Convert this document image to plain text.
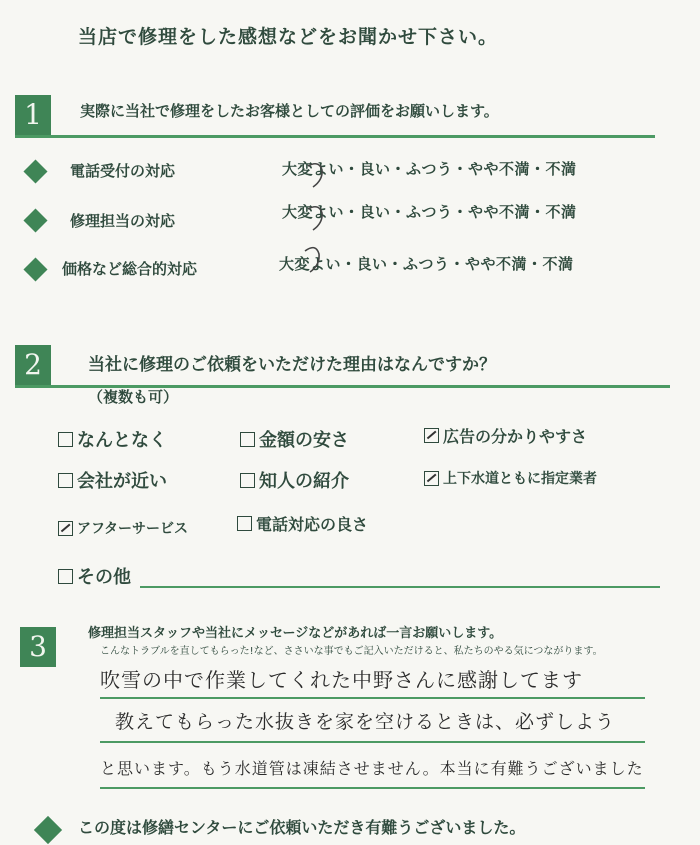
当店で修理をした感想などをお聞かせ下さい。
1	実際に当社で修理をしたお客様としての評価をお願いします。
電話受付の対応	大変よい・良い・ふつう・やや不満・不満
修理担当の対応	大変よい・良い・ふつう・やや不満・不満
価格など総合的対応	大変よい・良い・ふつう・やや不満・不満
2	当社に修理のご依頼をいただけた理由はなんですか？
（複数も可）
なんとなく	金額の安さ	広告の分かりやすさ
会社が近い	知人の紹介	上下水道ともに指定業者
アフターサービス	電話対応の良さ
その他
3	修理担当スタッフや当社にメッセージなどがあれば一言お願いします。
こんなトラブルを直してもらった!など、ささいな事でもご記入いただけると、私たちのやる気につながります。
吹雪の中で作業してくれた中野さんに感謝してます
教えてもらった水抜きを家を空けるときは、必ずしよう
と思います。もう水道管は凍結させません。本当に有難うございました
この度は修繕センターにご依頼いただき有難うございました。
